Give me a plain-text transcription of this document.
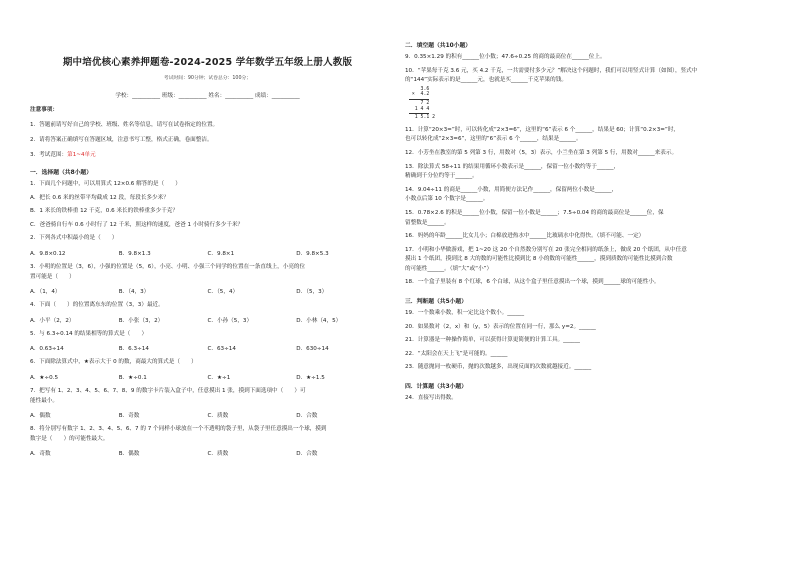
期中培优核心素养押题卷-2024-2025 学年数学五年级上册人教版
考试时间：90分钟；试卷总分：100分；
学校：__________ 班级：__________ 姓名：__________ 成绩：__________

注意事项：

1．答题前请写好自己的学校、班级、姓名等信息，请写在试卷指定的位置。

2．请将答案正确填写在答题区域，注意书写工整，格式正确，卷面整洁。

3．考试范围：第1~4单元

一．选择题（共8小题）
1．下面几个问题中，可以用算式 12×0.6 解答的是（　　）
A．把长 0.6 米的丝带平均截成 12 段，每段长多少米？
B．1 米长的铁棒重 12 千克，0.6 米长的铁棒重多少千克？
C．爸爸骑自行车 0.6 小时行了 12 千米，照这样的速度，爸爸 1 小时骑行多少千米？
2．下列各式中积最小的是（　　）
A．9.8×0.12	B．9.8×1.3	C．9.8×1	D．9.8×5.3
3．小明的位置是（3，6），小强的位置是（5，6），小亮、小明、小强三个同学的位置在一条直线上，小亮的位
置可能是（　　）
A．（1，4）	B．（4，3）	C．（5，4）	D．（5，3）
4．下面（　　）的位置离东东的位置（3，3）最近。
A．小平（2，2）	B．小张（3，2）	C．小孙（5，3）	D．小林（4，5）
5．与 6.3÷0.14 的结果相等的算式是（　　）
A．0.63÷14	B．6.3÷14	C．63÷14	D．630÷14
6．下面除法算式中，★表示大于 0 的数，商最大的算式是（　　）
A．★÷0.5	B．★÷0.1	C．★÷1	D．★÷1.5
7．把写有 1、2、3、4、5、6、7、8、9 的数字卡片装入盒子中，任意摸出 1 张，摸到下面选项中（　　）可
能性最小。
A．偶数	B．奇数	C．质数	D．合数
8．将分别写有数字 1、2、3、4、5、6、7 的 7 个同样小球放在一个不透明的袋子里，从袋子里任意摸出一个球，摸到
数字是（　　）的可能性最大。
A．奇数	B．偶数	C．质数	D．合数
二．填空题（共10小题）
9．0.35×1.29 的积有______位小数；47.6÷0.25 的商的最高位在______位上。
10．“苹果每千克 3.6 元，买 4.2 千克，一共需要付多少元？”解决这个问题时，我们可以用竖式计算（如图），竖式中
的“144”实际表示的是______元，也就是买______千克苹果的钱。
3.6
×  4.2
7 2
1 4 4
1 5.1 2
11．计算“20×3=”时，可以转化成“2×3=6”，这里的“6”表示 6 个______，结果是 60；计算“0.2×3=”时，
也可以转化成“2×3=6”，这里的“6”表示 6 个______，结果是______。
12．小芳坐在教室的第 5 列第 3 行，用数对（5，3）表示，小兰坐在第 3 列第 5 行，用数对______来表示。
13．除法算式 58÷11 的结果用循环小数表示是______，保留一位小数约等于______，
精确到千分位约等于______。
14．9.04÷11 的商是______小数，用简便方法记作______，保留两位小数是______，
小数点后第 10 个数字是______。
15．0.78×2.6 的积是______位小数，保留一位小数是______；7.5÷0.04 的商的最高位是______位，保
留整数是______。
16．妈妈的年龄______比女儿小；白棉放进热水中______比玻璃水中化得快。（填不可能、一定）
17．小明和小华做游戏，把 1~20 这 20 个自然数分别写在 20 张完全相同的纸条上，做成 20 个纸团，从中任意
摸出 1 个纸团，摸到比 8 大的数的可能性比摸到比 8 小的数的可能性______，摸到质数的可能性比摸到合数
的可能性______。（填“大”或“小”）
18．一个盒子里装有 8 个红球，6 个白球，从这个盒子里任意摸出一个球，摸到______球的可能性小。
三．判断题（共5小题）
19．一个数乘小数，积一定比这个数小。______
20．如果数对（2，x）和（y，5）表示的位置在同一行，那么 y=2。______
21．计算器是一种操作简单，可以获得计算更简便的计算工具。______
22．“太阳会在天上飞”是可能的。______
23．随意抛同一枚硬币，抛的次数越多，出现反面的次数就越接近。______
四．计算题（共3小题）
24．直接写出得数。
